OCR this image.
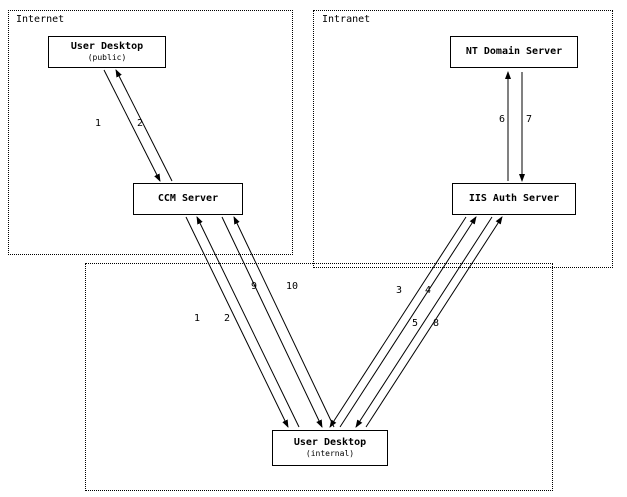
Internet	Intranet
User Desktop
(public)
CCM Server
NT Domain Server
IIS Auth Server
User Desktop
(internal)
1	2	6 7
9	10	3 4
1 2	5 8
